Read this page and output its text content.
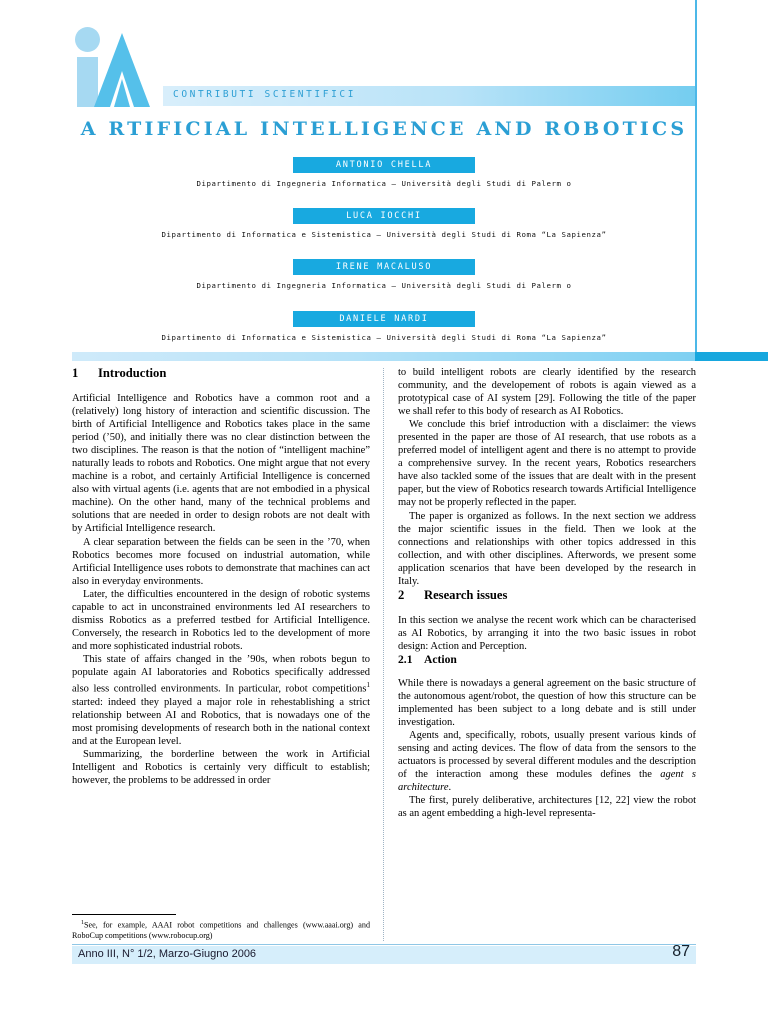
CONTRIBUTI SCIENTIFICI
A RTIFICIAL INTELLIGENCE AND ROBOTICS
ANTONIO CHELLA
Dipartimento di Ingegneria Informatica – Università degli Studi di Palerm o
LUCA IOCCHI
Dipartimento di Informatica e Sistemistica – Università degli Studi di Roma “La Sapienza”
IRENE MACALUSO
Dipartimento di Ingegneria Informatica – Università degli Studi di Palerm o
DANIELE NARDI
Dipartimento di Informatica e Sistemistica – Università degli Studi di Roma “La Sapienza”
1 Introduction

Artificial Intelligence and Robotics have a common root and a (relatively) long history of interaction and scientific discussion. The birth of Artificial Intelligence and Robotics takes place in the same period (’50), and initially there was no clear distinction between the two disciplines. The reason is that the notion of “intelligent machine” naturally leads to robots and Robotics. One might argue that not every machine is a robot, and certainly Artificial Intelligence is concerned also with virtual agents (i.e. agents that are not embodied in a physical machine). On the other hand, many of the technical problems and solutions that are needed in order to design robots are not dealt with by Artificial Intelligence research.

A clear separation between the fields can be seen in the ’70, when Robotics becomes more focused on industrial automation, while Artificial Intelligence uses robots to demonstrate that machines can act also in everyday environments.

Later, the difficulties encountered in the design of robotic systems capable to act in unconstrained environments led AI researchers to dismiss Robotics as a preferred testbed for Artificial Intelligence. Conversely, the research in Robotics led to the development of more and more sophisticated industrial robots.

This state of affairs changed in the ’90s, when robots begun to populate again AI laboratories and Robotics specifically addressed also less controlled environments. In particular, robot competitions$^1$ started: indeed they played a major role in rehestablishing a strict relationship between AI and Robotics, that is nowadays one of the most promising developments of research both in the national context and at the European level.

Summarizing, the borderline between the work in Artificial Intelligent and Robotics is certainly very difficult to establish; however, the problems to be addressed in order

$^1$See, for example, AAAI robot competitions and challenges (www.aaai.org) and RoboCup competitions (www.robocup.org)

to build intelligent robots are clearly identified by the research community, and the developement of robots is again viewed as a prototypical case of AI system [29]. Following the title of the paper we shall refer to this body of research as AI Robotics.

We conclude this brief introduction with a disclaimer: the views presented in the paper are those of AI research, that use robots as a preferred model of intelligent agent and there is no attempt to provide a comprehensive survey. In the recent years, Robotics researchers have also tackled some of the issues that are dealt with in the present paper, but the view of Robotics research towards Artificial Intelligence may not be properly reflected in the paper.

The paper is organized as follows. In the next section we address the major scientific issues in the field. Then we look at the connections and relationships with other topics addressed in this collection, and with other disciplines. Afterwords, we present some application scenarios that have been developed by the research in Italy.

2 Research issues

In this section we analyse the recent work which can be characterised as AI Robotics, by arranging it into the two basic issues in robot design: Action and Perception.

2.1 Action

While there is nowadays a general agreement on the basic structure of the autonomous agent/robot, the question of how this structure can be implemented has been subject to a long debate and is still under investigation.

Agents and, specifically, robots, usually present various kinds of sensing and acting devices. The flow of data from the sensors to the actuators is processed by several different modules and the description of the interaction among these modules defines the agent s architecture.

The first, purely deliberative, architectures [12, 22] view the robot as an agent embedding a high-level representa-

Anno III, N° 1/2, Marzo-Giugno 2006	87
